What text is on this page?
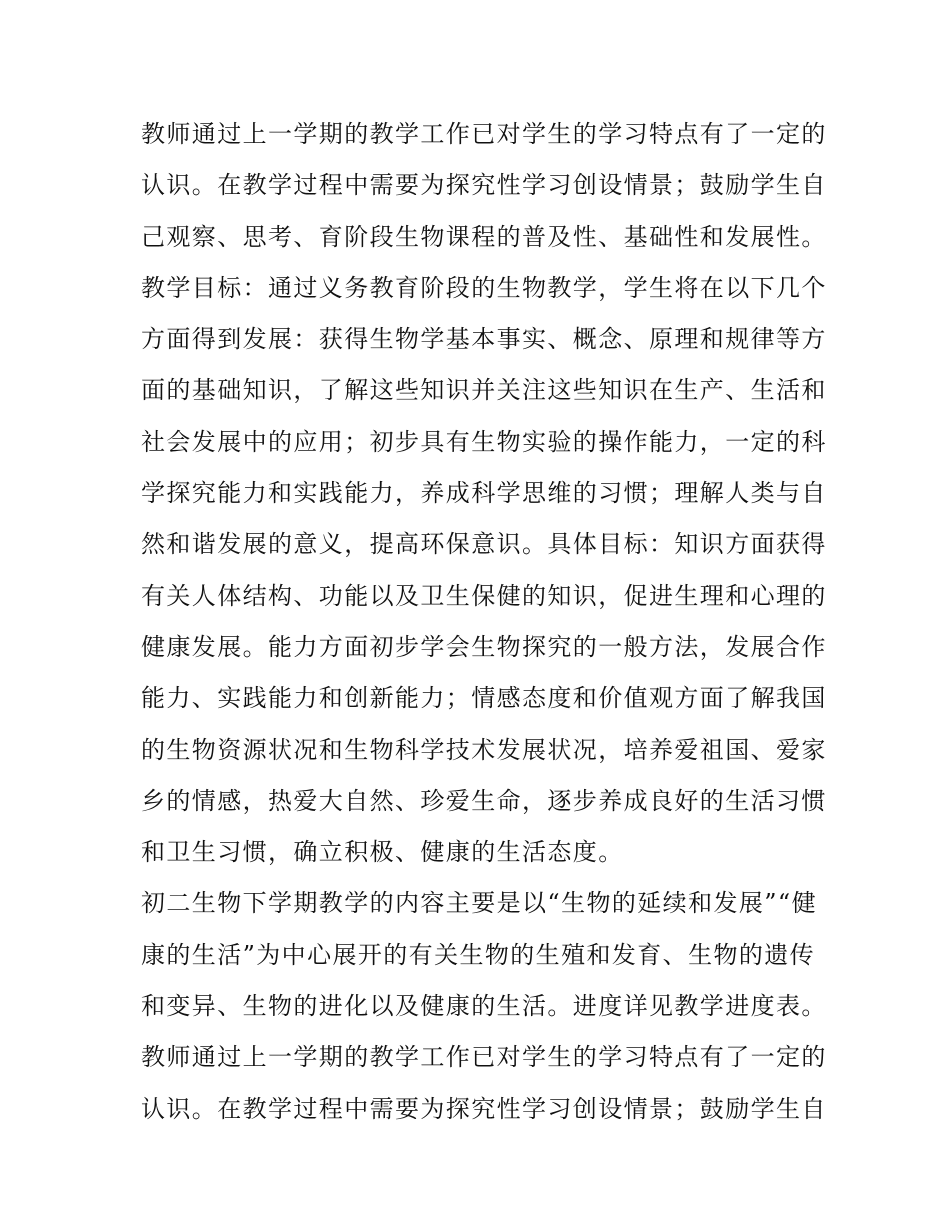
教师通过上一学期的教学工作已对学生的学习特点有了一定的
认识。在教学过程中需要为探究性学习创设情景；鼓励学生自
己观察、思考、育阶段生物课程的普及性、基础性和发展性。
教学目标：通过义务教育阶段的生物教学，学生将在以下几个
方面得到发展：获得生物学基本事实、概念、原理和规律等方
面的基础知识，了解这些知识并关注这些知识在生产、生活和
社会发展中的应用；初步具有生物实验的操作能力，一定的科
学探究能力和实践能力，养成科学思维的习惯；理解人类与自
然和谐发展的意义，提高环保意识。具体目标：知识方面获得
有关人体结构、功能以及卫生保健的知识，促进生理和心理的
健康发展。能力方面初步学会生物探究的一般方法，发展合作
能力、实践能力和创新能力；情感态度和价值观方面了解我国
的生物资源状况和生物科学技术发展状况，培养爱祖国、爱家
乡的情感，热爱大自然、珍爱生命，逐步养成良好的生活习惯
和卫生习惯，确立积极、健康的生活态度。
初二生物下学期教学的内容主要是以“生物的延续和发展”“健
康的生活”为中心展开的有关生物的生殖和发育、生物的遗传
和变异、生物的进化以及健康的生活。进度详见教学进度表。
教师通过上一学期的教学工作已对学生的学习特点有了一定的
认识。在教学过程中需要为探究性学习创设情景；鼓励学生自
